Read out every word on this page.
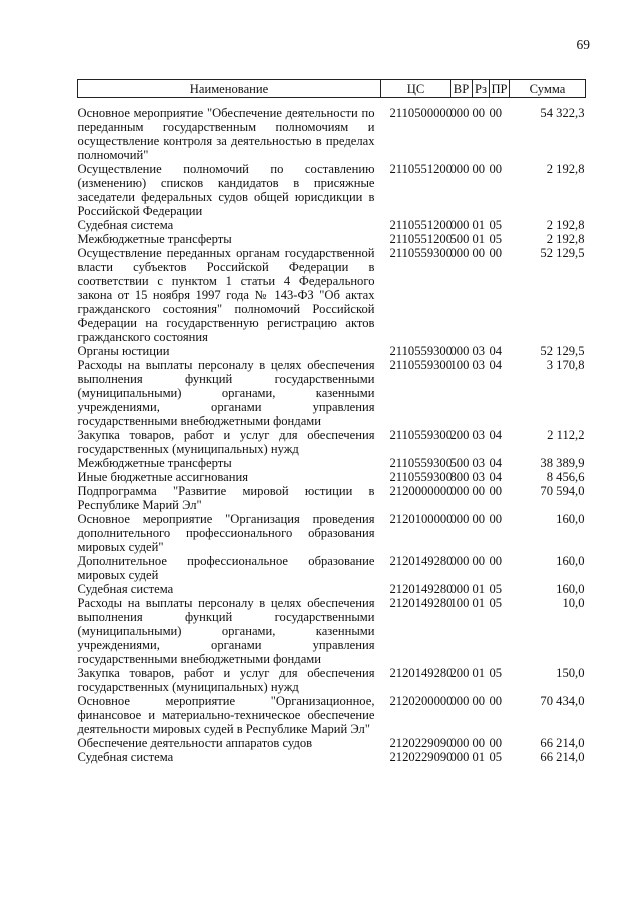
69
Наименование	ЦС	ВР	Рз	ПР	Сумма

Основное мероприятие "Обеспечение деятельности по переданным государственным полномочиям и осуществление контроля за деятельностью в пределах полномочий"	2110500000	000	00	00	54 322,3
Осуществление полномочий по составлению (изменению) списков кандидатов в присяжные заседатели федеральных судов общей юрисдикции в Российской Федерации	2110551200	000	00	00	2 192,8
Судебная система	2110551200	000	01	05	2 192,8
Межбюджетные трансферты	2110551200	500	01	05	2 192,8
Осуществление переданных органам государственной власти субъектов Российской Федерации в соответствии с пунктом 1 статьи 4 Федерального закона от 15 ноября 1997 года № 143-ФЗ "Об актах гражданского состояния" полномочий Российской Федерации на государственную регистрацию актов гражданского состояния	2110559300	000	00	00	52 129,5
Органы юстиции	2110559300	000	03	04	52 129,5
Расходы на выплаты персоналу в целях обеспечения выполнения функций государственными (муниципальными) органами, казенными учреждениями, органами управления государственными внебюджетными фондами	2110559300	100	03	04	3 170,8
Закупка товаров, работ и услуг для обеспечения государственных (муниципальных) нужд	2110559300	200	03	04	2 112,2
Межбюджетные трансферты	2110559300	500	03	04	38 389,9
Иные бюджетные ассигнования	2110559300	800	03	04	8 456,6
Подпрограмма "Развитие мировой юстиции в Республике Марий Эл"	2120000000	000	00	00	70 594,0
Основное мероприятие "Организация проведения дополнительного профессионального образования мировых судей"	2120100000	000	00	00	160,0
Дополнительное профессиональное образование мировых судей	2120149280	000	00	00	160,0
Судебная система	2120149280	000	01	05	160,0
Расходы на выплаты персоналу в целях обеспечения выполнения функций государственными (муниципальными) органами, казенными учреждениями, органами управления государственными внебюджетными фондами	2120149280	100	01	05	10,0
Закупка товаров, работ и услуг для обеспечения государственных (муниципальных) нужд	2120149280	200	01	05	150,0
Основное мероприятие "Организационное, финансовое и материально-техническое обеспечение деятельности мировых судей в Республике Марий Эл"	2120200000	000	00	00	70 434,0
Обеспечение деятельности аппаратов судов	2120229090	000	00	00	66 214,0
Судебная система	2120229090	000	01	05	66 214,0
